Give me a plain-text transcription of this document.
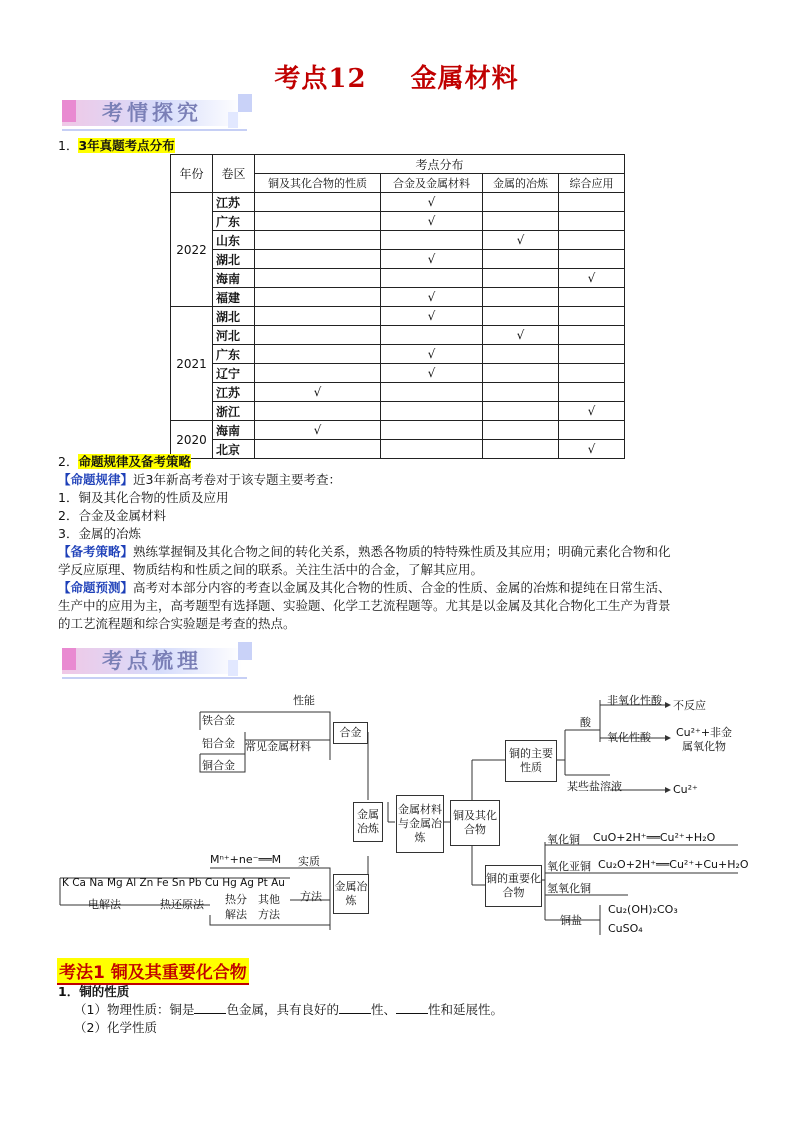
考点12 金属材料
考情探究
1．3年真题考点分布
年份	卷区	考点分布			
		铜及其化合物的性质	合金及金属材料	金属的冶炼	综合应用
2022	江苏		√		
	广东		√		
	山东			√	
	湖北		√		
	海南				√
	福建		√		
2021	湖北		√		
	河北			√	
	广东		√		
	辽宁		√		
	江苏	√			
	浙江				√
2020	海南	√			
	北京				√
2．命题规律及备考策略
【命题规律】近3年新高考卷对于该专题主要考查：
1．铜及其化合物的性质及应用
2．合金及金属材料
3．金属的冶炼
【备考策略】熟练掌握铜及其化合物之间的转化关系，熟悉各物质的特特殊性质及其应用；明确元素化合物和化
学反应原理、物质结构和性质之间的联系。关注生活中的合金，了解其应用。
【命题预测】高考对本部分内容的考查以金属及其化合物的性质、合金的性质、金属的冶炼和提纯在日常生活、
生产中的应用为主，高考题型有选择题、实验题、化学工艺流程题等。尤其是以金属及其化合物化工生产为背景
的工艺流程题和综合实验题是考查的热点。
考点梳理
合金
金属冶炼
金属材料与金属冶炼
铜及其化合物
金属冶炼
铜的主要性质
铜的重要化合物
性能
常见金属材料
铁合金
铝合金
铜合金
Mⁿ⁺+ne⁻══M 实质
方法
K Ca Na Mg Al Zn Fe Sn Pb Cu Hg Ag Pt Au
电解法	热还原法 热分解法
其他方法
酸
非氧化性酸 不反应
氧化性酸 Cu²⁺+非金属氧化物
某些盐溶液	Cu²⁺
氧化铜 CuO+2H⁺══Cu²⁺+H₂O
氧化亚铜 Cu₂O+2H⁺══Cu²⁺+Cu+H₂O
氢氧化铜
铜盐
Cu₂(OH)₂CO₃
CuSO₄
考法1 铜及其重要化合物
1．铜的性质
（1）物理性质：铜是	色金属，具有良好的	性、	性和延展性。
（2）化学性质
